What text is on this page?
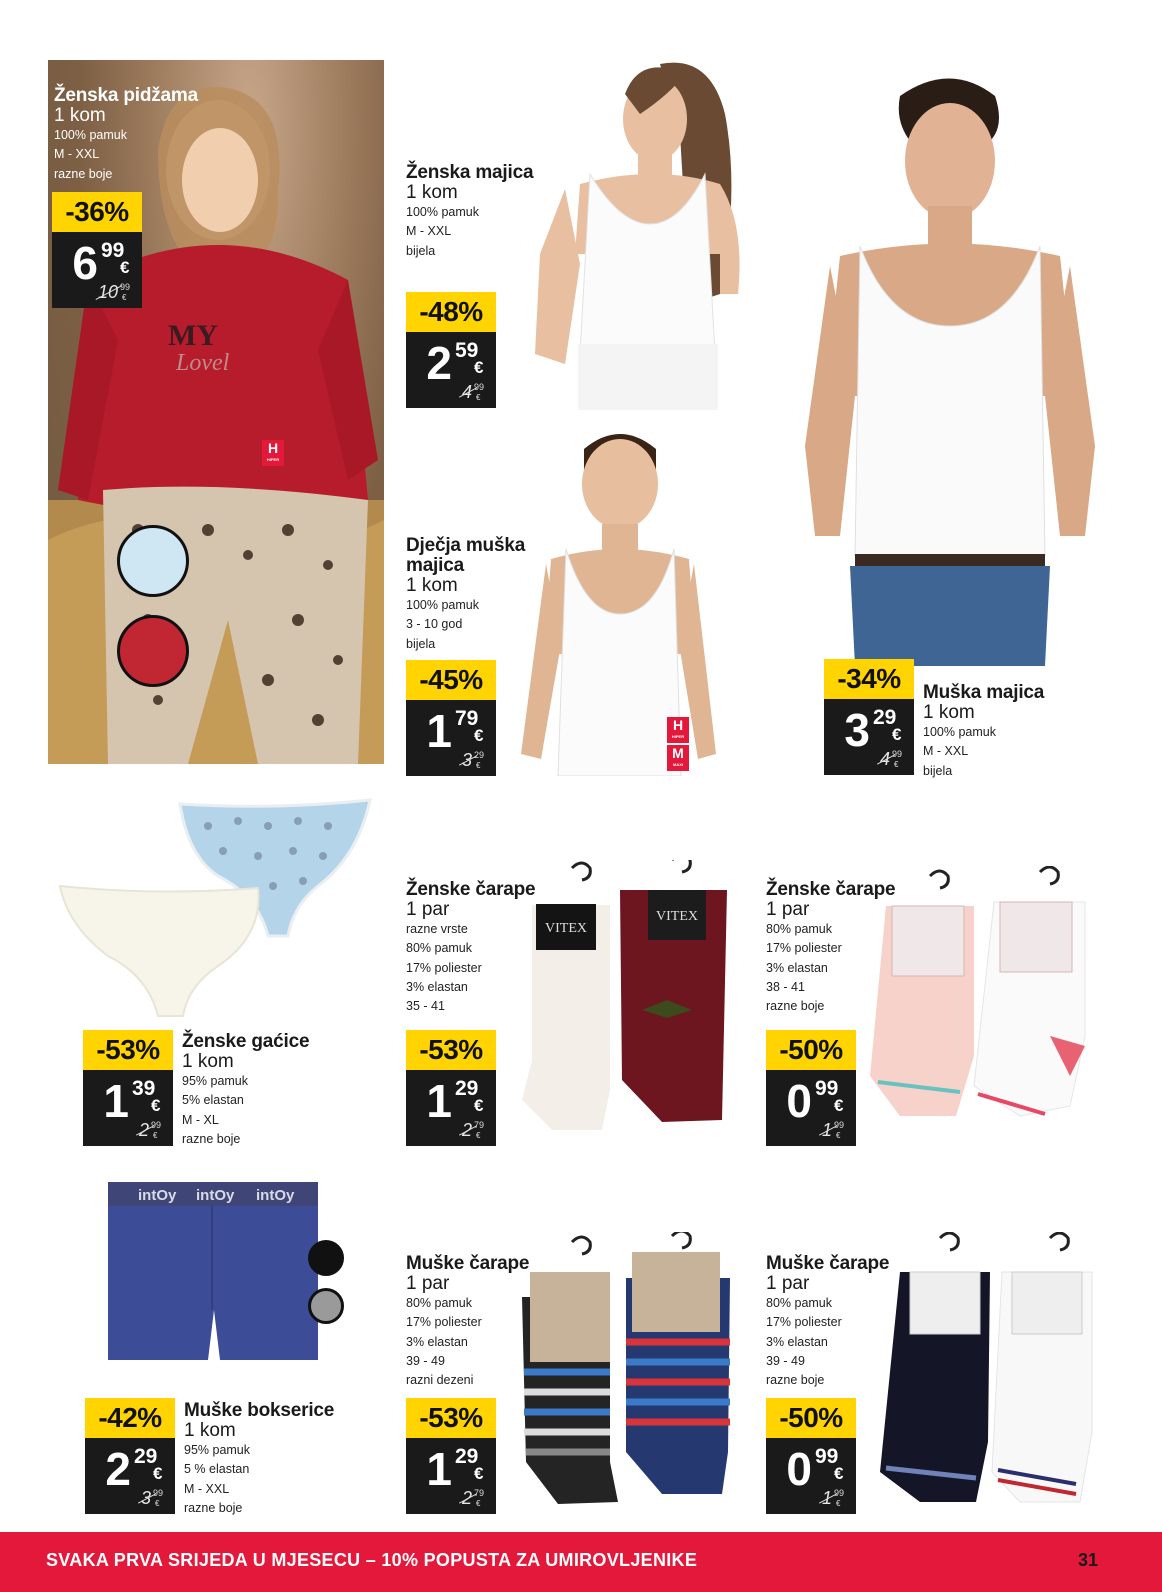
MY
Lovel
H
HIPER
Ženska pidžama
1 kom
100% pamuk
M - XXL
razne boje
-36%
6 99
€
10 99
€
Ženska majica
1 kom
100% pamuk
M - XXL
bijela
-48%
2 59
€
4 99
€
Muška majica
1 kom
100% pamuk
M - XXL
bijela
-34%
3 29
€
4 99
€
H
HIPER
M
MAXI
Dječja muška majica
1 kom
100% pamuk
3 - 10 god
bijela
-45%
1 79
€
3 29
€
Ženske gaćice
1 kom
95% pamuk
5% elastan
M - XL
razne boje
-53%
1 39
€
2 99
€
VITEX
VITEX
Ženske čarape
1 par
razne vrste
80% pamuk
17% poliester
3% elastan
35 - 41
-53%
1 29
€
2 79
€
Ženske čarape
1 par
80% pamuk
17% poliester
3% elastan
38 - 41
razne boje
-50%
0 99
€
1 99
€
intOy intOy intOy
Muške bokserice
1 kom
95% pamuk
5 % elastan
M - XXL
razne boje
-42%
2 29
€
3 99
€
Muške čarape
1 par
80% pamuk
17% poliester
3% elastan
39 - 49
razni dezeni
-53%
1 29
€
2 79
€
Muške čarape
1 par
80% pamuk
17% poliester
3% elastan
39 - 49
razne boje
-50%
0 99
€
1 99
€
SVAKA PRVA SRIJEDA U MJESECU – 10% POPUSTA ZA UMIROVLJENIKE	31
